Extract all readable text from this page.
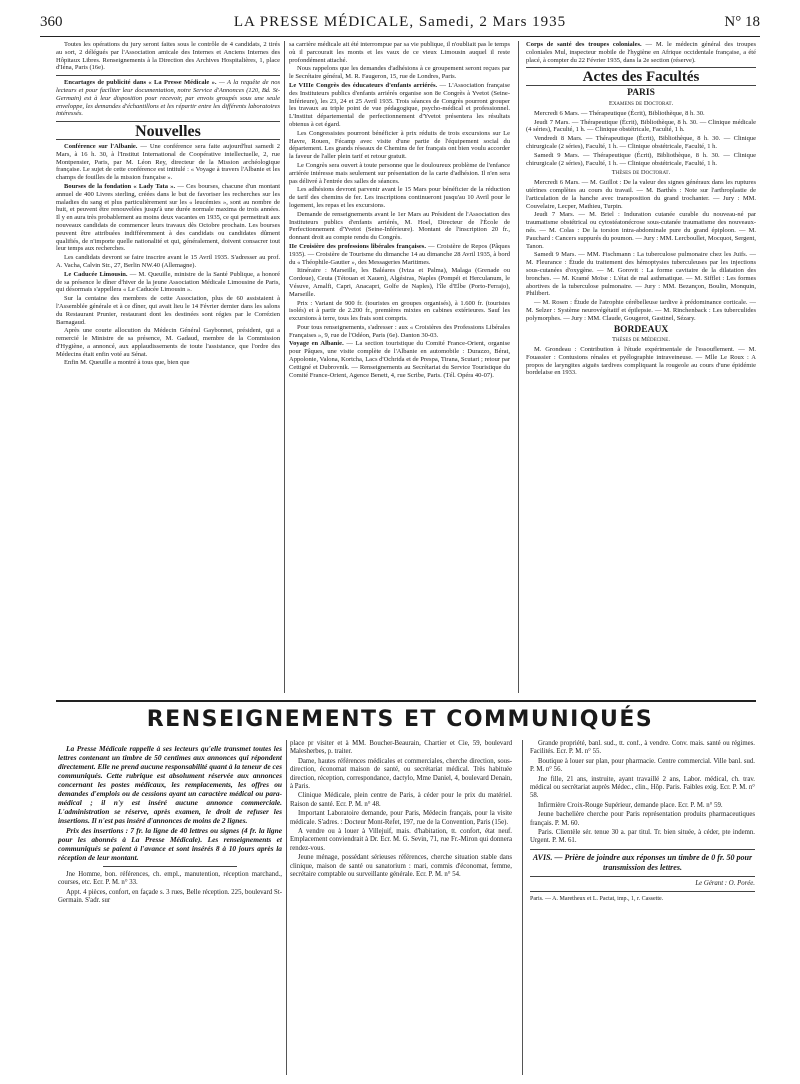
360	LA PRESSE MÉDICALE, Samedi, 2 Mars 1935	N° 18

Toutes les opérations du jury seront faites sous le contrôle de 4 candidats, 2 tirés au sort, 2 délégués par l'Association amicale des Internes et Anciens Internes des Hôpitaux Libres. Renseignements à la Direction des Archives Hospitalières, 1, place d'Iéna, Paris (16e).

Encartages de publicité dans « La Presse Médicale ». — A la requête de nos lecteurs et pour faciliter leur documentation, notre Service d'Annonces (120, Bd. St-Germain) est à leur disposition pour recevoir, par envois groupés sous une seule enveloppe, les demandes d'échantillons et les répartir entre les différents laboratoires intéressés.

Nouvelles

Conférence sur l'Albanie. — Une conférence sera faite aujourd'hui samedi 2 Mars, à 16 h. 30, à l'Institut International de Coopérative intellectuelle, 2, rue Montpensier, Paris, par M. Léon Rey, directeur de la Mission archéologique française. Le sujet de cette conférence est intitulé : « Voyage à travers l'Albanie et les champs de fouilles de la mission française ».

Bourses de la fondation « Lady Tata ». — Ces bourses, chacune d'un montant annuel de 400 Livres sterling, créées dans le but de favoriser les recherches sur les maladies du sang et plus particulièrement sur les « leucémies », sont au nombre de huit, et peuvent être renouvelées jusqu'à une durée normale maxima de trois années. Il y en aura très probablement au moins deux vacantes en 1935, ce qui permettrait aux nouveaux candidats de commencer leurs travaux dès Octobre prochain. Les bourses peuvent être attribuées indifféremment à des candidats ou candidates dûment qualifiés, de n'importe quelle nationalité et qui, généralement, doivent consacrer tout leur temps aux recherches.

Les candidats devront se faire inscrire avant le 15 Avril 1935. S'adresser au prof. A. Vacha, Calvin Str., 27, Berlin NW.40 (Allemagne).

Le Caducée Limousin. — M. Queuille, ministre de la Santé Publique, a honoré de sa présence le dîner d'hiver de la jeune Association Médicale Limousine de Paris, qui désormais s'appellera « Le Caducée Limousin ».

Sur la centaine des membres de cette Association, plus de 60 assistaient à l'Assemblée générale et à ce dîner, qui avait lieu le 14 Février dernier dans les salons du Restaurant Prunier, restaurant dont les destinées sont régies par le Corrézien Barnagaud.

Après une courte allocution du Médecin Général Gaybonnet, président, qui a remercié le Ministre de sa présence, M. Gadaud, membre de la Commission d'Hygiène, a annoncé, aux applaudissements de toute l'assistance, que l'ordre des Médecins était enfin voté au Sénat.

Enfin M. Queuille a montré à tous que, bien que

sa carrière médicale ait été interrompue par sa vie publique, il n'oubliait pas le temps où il parcourait les monts et les vaux de ce vieux Limousin auquel il reste profondément attaché.

Nous rappelons que les demandes d'adhésions à ce groupement seront reçues par le Secrétaire général, M. R. Faugeron, 15, rue de Londres, Paris.

Le VIIIe Congrès des éducateurs d'enfants arriérés. — L'Association française des Instituteurs publics d'enfants arriérés organise son 8e Congrès à Yvetot (Seine-Inférieure), les 23, 24 et 25 Avril 1935. Trois séances de Congrès pourront grouper les travaux au triple point de vue pédagogique, psycho-médical et professionnel. L'Institut départemental de perfectionnement d'Yvetot présentera les résultats obtenus à cet égard.

Les Congressistes pourront bénéficier à prix réduits de trois excursions sur Le Havre, Rouen, Fécamp avec visite d'une partie de l'équipement social du département. Les grands réseaux de Chemins de fer français ont bien voulu accorder la faveur de l'aller plein tarif et retour gratuit.

Le Congrès sera ouvert à toute personne que le douloureux problème de l'enfance arriérée intéresse mais seulement sur présentation de la carte d'adhésion. Il n'en sera pas délivré à l'entrée des salles de séances.

Les adhésions devront parvenir avant le 15 Mars pour bénéficier de la réduction de tarif des chemins de fer. Les inscriptions continueront jusqu'au 10 Avril pour le logement, les repas et les excursions.

Demande de renseignements avant le 1er Mars au Président de l'Association des Instituteurs publics d'enfants arriérés, M. Hoel, Directeur de l'École de Perfectionnement d'Yvetot (Seine-Inférieure). Montant de l'inscription 20 fr., donnant droit au compte rendu du Congrès.

IIe Croisière des professions libérales françaises. — Croisière de Repos (Pâques 1935). — Croisière de Tourisme du dimanche 14 au dimanche 28 Avril 1935, à bord du « Théophile-Gautier », des Messageries Maritimes.

Itinéraire : Marseille, les Baléares (Iviza et Palma), Malaga (Grenade ou Cordoue), Ceuta (Tétouan et Xauen), Algésiras, Naples (Pompéi et Herculanum, le Vésuve, Amalfi, Capri, Anacapri, Golfe de Naples), l'île d'Elbe (Porto-Ferrajo), Marseille.

Prix : Variant de 900 fr. (touristes en groupes organisés), à 1.600 fr. (touristes isolés) et à partir de 2.200 fr., premières mixtes en cabines extérieures. Sauf les excursions à terre, tous les frais sont compris.

Pour tous renseignements, s'adresser : aux « Croisières des Professions Libérales Françaises », 9, rue de l'Odéon, Paris (6e). Danton 30-03.

Voyage en Albanie. — La section touristique du Comité France-Orient, organise pour Pâques, une visite complète de l'Albanie en automobile : Durazzo, Bérat, Appolonie, Valona, Kortcha, Lacs d'Ochrida et de Prespa, Tirana, Scutari ; retour par Cettigné et Dubrovnik. — Renseignements au Secrétariat du Service Touristique du Comité France-Orient, Agence Benett, 4, rue Scribe, Paris. (Tél. Opéra 40-07).

Corps de santé des troupes coloniales. — M. le médecin général des troupes coloniales Mul, inspecteur mobile de l'hygiène en Afrique occidentale française, a été placé, à compter du 22 Février 1935, dans la 2e section (réserve).

Actes des Facultés
PARIS
Examens de Doctorat.

Mercredi 6 Mars. — Thérapeutique (Écrit), Bibliothèque, 8 h. 30.

Jeudi 7 Mars. — Thérapeutique (Écrit), Bibliothèque, 8 h. 30. — Clinique médicale (4 séries), Faculté, 1 h. — Clinique obstétricale, Faculté, 1 h.

Vendredi 8 Mars. — Thérapeutique (Écrit), Bibliothèque, 8 h. 30. — Clinique chirurgicale (2 séries), Faculté, 1 h. — Clinique obstétricale, Faculté, 1 h.

Samedi 9 Mars. — Thérapeutique (Écrit), Bibliothèque, 8 h. 30. — Clinique chirurgicale (2 séries), Faculté, 1 h. — Clinique obstétricale, Faculté, 1 h.

Thèses de Doctorat.

Mercredi 6 Mars. — M. Guillot : De la valeur des signes généraux dans les ruptures utérines complètes au cours du travail. — M. Barthès : Note sur l'arthroplastie de l'articulation de la hanche avec transposition du grand trochanter. — Jury : MM. Couvelaire, Lecper, Mathieu, Turpin.

Jeudi 7 Mars. — M. Briel : Induration cutanée curable du nouveau-né par traumatisme obstétrical ou cytostéatonécrose sous-cutanée traumatisme des nouveaux-nés. — M. Colas : De la torsion intra-abdominale pure du grand épiploon. — M. Pauchard : Cancers suppurés du poumon. — Jury : MM. Lercboullet, Mocquot, Sergent, Tanon.

Samedi 9 Mars. — MM. Fischmann : La tuberculose pulmonaire chez les Juifs. — M. Fleurance : Étude du traitement des hémoptysies tuberculeuses par les injections sous-cutanées d'oxygène. — M. Gorovit : La forme cavitaire de la dilatation des bronches. — M. Kramé Moïse : L'état de mal asthmatique. — M. Sifflet : Les formes abortives de la tuberculose pulmonaire. — Jury : MM. Bezançon, Boulin, Monquin, Philibert.

— M. Rosen : Étude de l'atrophie cérébelleuse tardive à prédominance corticale. — M. Selzer : Système neurovégétatif et épilepsie. — M. Rinchenback : Les tuberculides polymorphes. — Jury : MM. Claude, Gougerot, Gastinel, Sézary.

BORDEAUX
Thèses de Médecine.

M. Grondeau : Contribution à l'étude expérimentale de l'essouflement. — M. Fouassier : Contusions rénales et pyélographie intraveineuse. — Mlle Le Roux : A propos de laryngites aiguës tardives compliquant la rougeole au cours d'une épidémie bordelaise en 1933.

RENSEIGNEMENTS ET COMMUNIQUÉS

La Presse Médicale rappelle à ses lecteurs qu'elle transmet toutes les lettres contenant un timbre de 50 centimes aux annonces qui répondent directement. Elle ne prend aucune responsabilité quant à la teneur de ces communiqués. Cette rubrique est absolument réservée aux annonces concernant les postes médicaux, les remplacements, les offres ou demandes d'emplois ou de cessions ayant un caractère médical ou para-médical ; il n'y est inséré aucune annonce commerciale. L'administration se réserve, après examen, le droit de refuser les insertions. Il n'est pas inséré d'annonces de moins de 2 lignes.

Prix des insertions : 7 fr. la ligne de 40 lettres ou signes (4 fr. la ligne pour les abonnés à La Presse Médicale). Les renseignements et communiqués se paient à l'avance et sont insérés 8 à 10 jours après la réception de leur montant.

Jne Homme, bon. références, ch. empl., manutention, réception marchand., courses, etc. Ecr. P. M. n° 33.

Appt. 4 pièces, confort, en façade s. 3 rues, Belle réception. 225, boulevard St-Germain. S'adr. sur

place pr visiter et à MM. Boucher-Beaurain, Chartier et Cie, 59, boulevard Malesherbes, p. traiter.

Dame, hautes références médicales et commerciales, cherche direction, sous-direction, économat maison de santé, ou secrétariat médical. Très habituée direction, réception, correspondance, dactylo, Mme Daniel, 4, boulevard Denain, à Paris.

Clinique Médicale, plein centre de Paris, à céder pour le prix du matériel. Raison de santé. Ecr. P. M. n° 48.

Important Laboratoire demande, pour Paris, Médecin français, pour la visite médicale. S'adres. : Docteur Mont-Refet, 197, rue de la Convention, Paris (15e).

A vendre ou à louer à Villejuif, mais. d'habitation, tt. confort, état neuf. Emplacement conviendrait à Dr. Ecr. M. G. Sevin, 71, rue Fr.-Miron qui donnera rendez-vous.

Jeune ménage, possédant sérieuses références, cherche situation stable dans clinique, maison de santé ou sanatorium : mari, commis d'économat, femme, secrétaire comptable ou surveillante générale. Ecr. P. M. n° 54.

Grande propriété, banl. sud., tt. conf., à vendre. Conv. mais. santé ou régimes. Facilités. Ecr. P. M. n° 55.

Boutique à louer sur plan, pour pharmacie. Centre commercial. Ville banl. sud. P. M. n° 56.

Jne fille, 21 ans, instruite, ayant travaillé 2 ans, Labor. médical, ch. trav. médical ou secrétariat auprès Médec., clin., Hôp. Paris. Faibles exig. Ecr. P. M. n° 58.

Infirmière Croix-Rouge Supérieur, demande place. Ecr. P. M. n° 59.

Jeune bachelière cherche pour Paris représentation produits pharmaceutiques français. P. M. 60.

Paris. Clientèle sér. tenue 30 a. par titul. Tr. bien située, à céder, pte indemn. Urgent. P. M. 61.

AVIS. — Prière de joindre aux réponses un timbre de 0 fr. 50 pour transmission des lettres.

Le Gérant : O. Porée.

Paris. — A. Maretheux et L. Pactat, imp., 1, r. Cassette.
